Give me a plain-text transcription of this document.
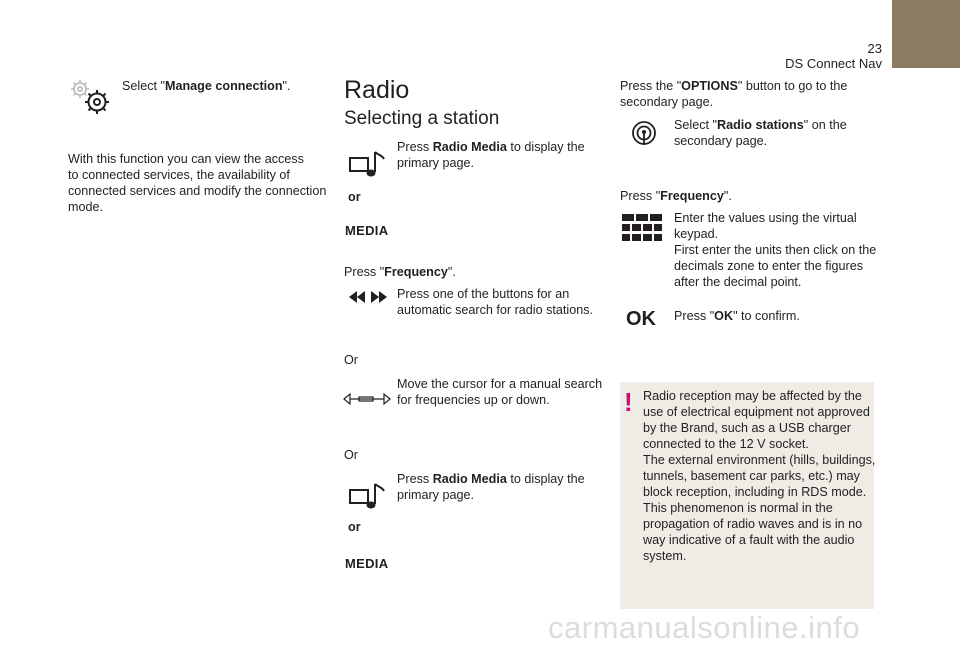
23
DS Connect Nav
Select "Manage connection".
With this function you can view the access
to connected services, the availability of
connected services and modify the connection
mode.
Radio
Selecting a station
or
MEDIA
Press Radio Media to display the
primary page.
Press "Frequency".
Press one of the buttons for an
automatic search for radio stations.
Or
Move the cursor for a manual search
for frequencies up or down.
Or
or
MEDIA
Press Radio Media to display the
primary page.
Press the "OPTIONS" button to go to the
secondary page.
Select "Radio stations" on the
secondary page.
Press "Frequency".
Enter the values using the virtual
keypad.
First enter the units then click on the
decimals zone to enter the figures
after the decimal point.
OK Press "OK" to confirm.
! Radio reception may be affected by the
use of electrical equipment not approved
by the Brand, such as a USB charger
connected to the 12 V socket.
The external environment (hills, buildings,
tunnels, basement car parks, etc.) may
block reception, including in RDS mode.
This phenomenon is normal in the
propagation of radio waves and is in no
way indicative of a fault with the audio
system.
carmanualsonline.info
